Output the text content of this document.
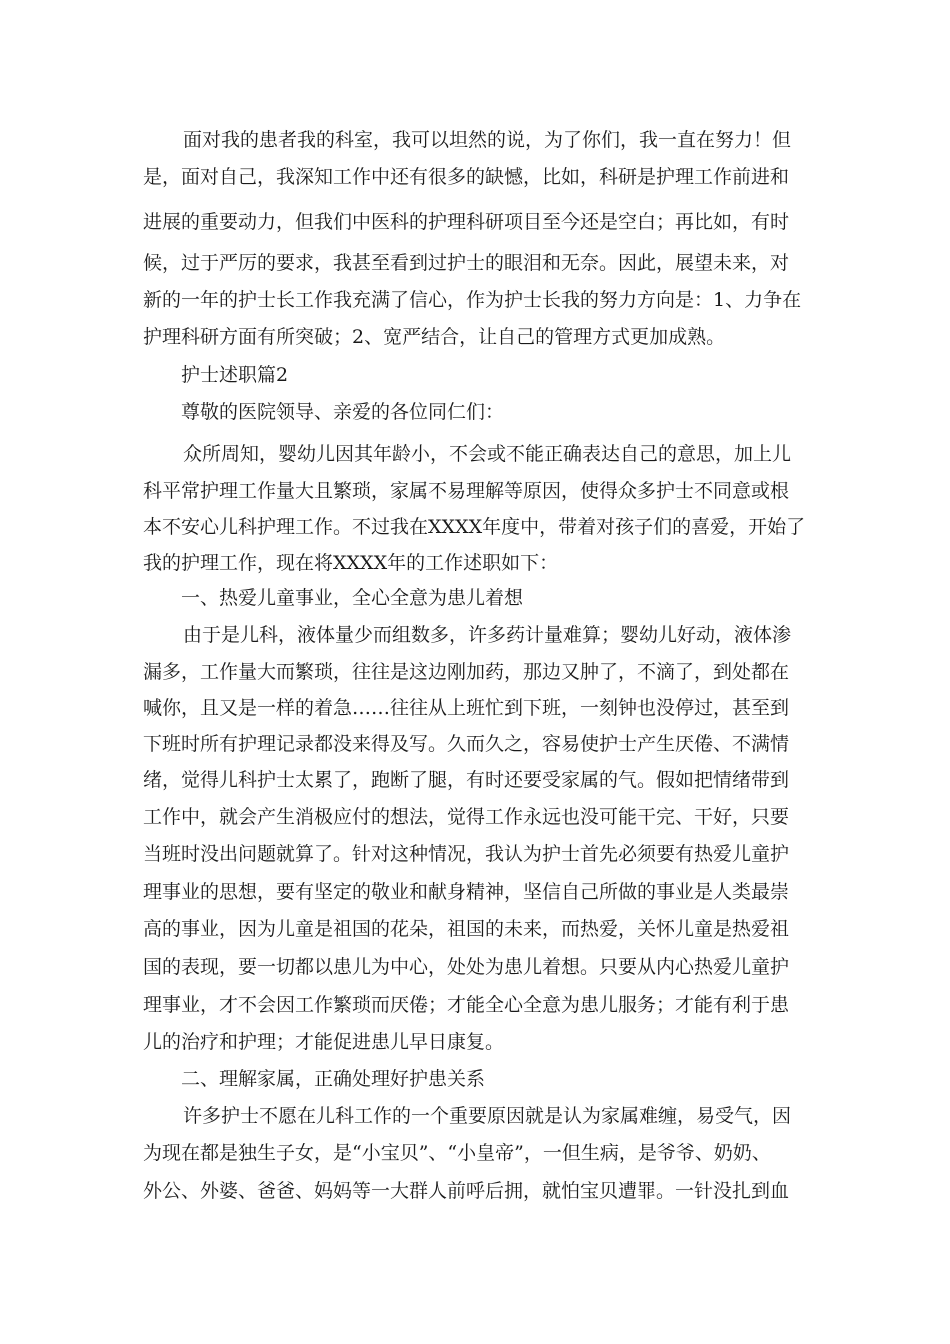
面对我的患者我的科室，我可以坦然的说，为了你们，我一直在努力！但
是，面对自己，我深知工作中还有很多的缺憾，比如，科研是护理工作前进和
进展的重要动力，但我们中医科的护理科研项目至今还是空白；再比如，有时
候，过于严厉的要求，我甚至看到过护士的眼泪和无奈。因此，展望未来，对
新的一年的护士长工作我充满了信心，作为护士长我的努力方向是：1、力争在
护理科研方面有所突破；2、宽严结合，让自己的管理方式更加成熟。
护士述职篇2
尊敬的医院领导、亲爱的各位同仁们：
众所周知，婴幼儿因其年龄小，不会或不能正确表达自己的意思，加上儿
科平常护理工作量大且繁琐，家属不易理解等原因，使得众多护士不同意或根
本不安心儿科护理工作。不过我在XXXX年度中，带着对孩子们的喜爱，开始了
我的护理工作，现在将XXXX年的工作述职如下：
一、热爱儿童事业，全心全意为患儿着想
由于是儿科，液体量少而组数多，许多药计量难算；婴幼儿好动，液体渗
漏多，工作量大而繁琐，往往是这边刚加药，那边又肿了，不滴了，到处都在
喊你，且又是一样的着急……往往从上班忙到下班，一刻钟也没停过，甚至到
下班时所有护理记录都没来得及写。久而久之，容易使护士产生厌倦、不满情
绪，觉得儿科护士太累了，跑断了腿，有时还要受家属的气。假如把情绪带到
工作中，就会产生消极应付的想法，觉得工作永远也没可能干完、干好，只要
当班时没出问题就算了。针对这种情况，我认为护士首先必须要有热爱儿童护
理事业的思想，要有坚定的敬业和献身精神，坚信自己所做的事业是人类最崇
高的事业，因为儿童是祖国的花朵，祖国的未来，而热爱，关怀儿童是热爱祖
国的表现，要一切都以患儿为中心，处处为患儿着想。只要从内心热爱儿童护
理事业，才不会因工作繁琐而厌倦；才能全心全意为患儿服务；才能有利于患
儿的治疗和护理；才能促进患儿早日康复。
二、理解家属，正确处理好护患关系
许多护士不愿在儿科工作的一个重要原因就是认为家属难缠，易受气，因
为现在都是独生子女，是“小宝贝”、“小皇帝”，一但生病，是爷爷、奶奶、
外公、外婆、爸爸、妈妈等一大群人前呼后拥，就怕宝贝遭罪。一针没扎到血
